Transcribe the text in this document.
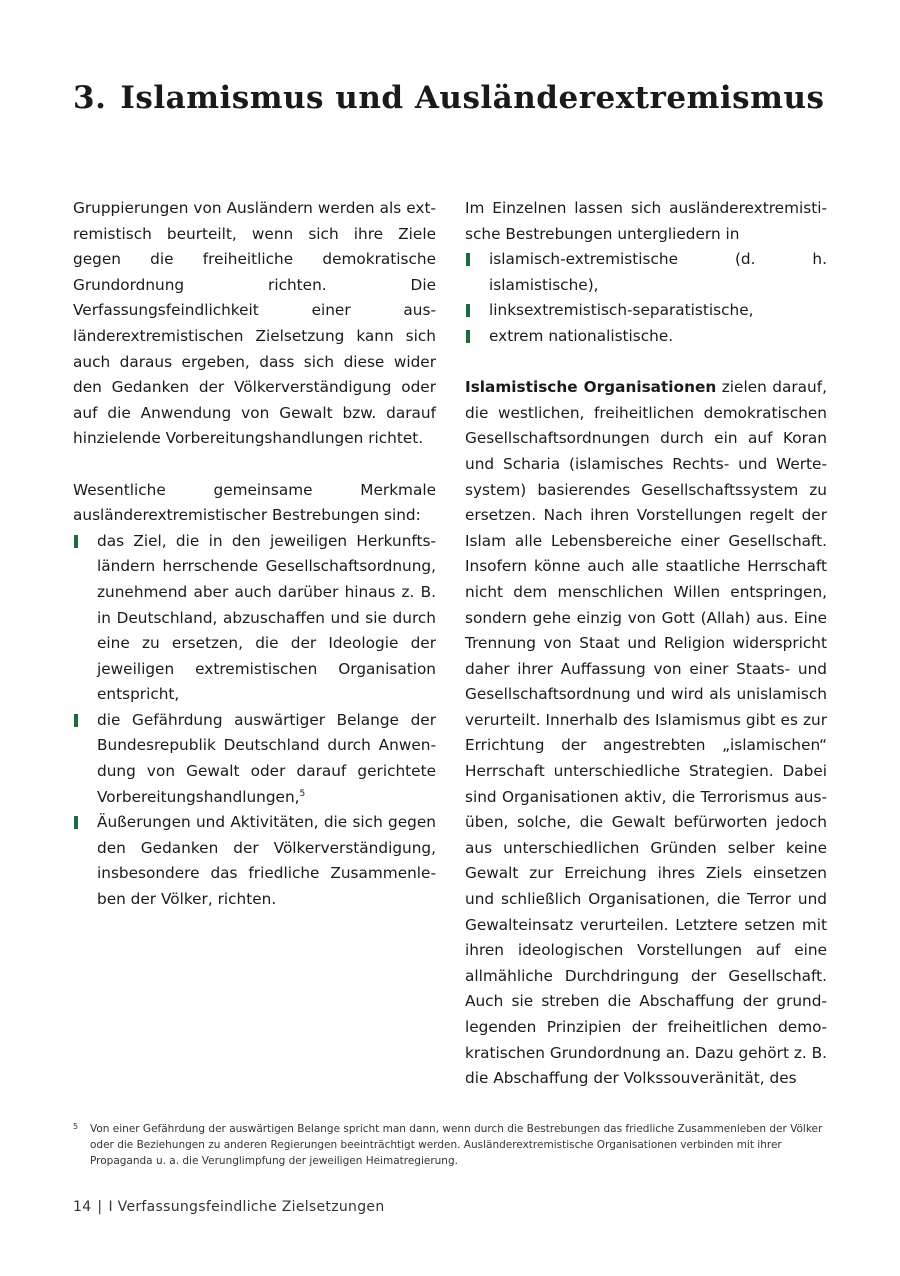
3. Islamismus und Ausländerextremismus

Gruppierungen von Ausländern werden als extremistisch beurteilt, wenn sich ihre Ziele gegen die freiheitliche demokratische Grundordnung richten. Die Verfassungsfeindlichkeit einer ausländerextremistischen Zielsetzung kann sich auch daraus ergeben, dass sich diese wider den Gedanken der Völkerverständigung oder auf die Anwendung von Gewalt bzw. darauf hinzielende Vorbereitungshandlungen richtet.

Wesentliche gemeinsame Merkmale ausländerextremistischer Bestrebungen sind:

das Ziel, die in den jeweiligen Herkunftsländern herrschende Gesellschaftsordnung, zunehmend aber auch darüber hinaus z. B. in Deutschland, abzuschaffen und sie durch eine zu ersetzen, die der Ideologie der jeweiligen extremistischen Organisation entspricht,
die Gefährdung auswärtiger Belange der Bundesrepublik Deutschland durch Anwendung von Gewalt oder darauf gerichtete Vorbereitungshandlungen,$^5$
Äußerungen und Aktivitäten, die sich gegen den Gedanken der Völkerverständigung, insbesondere das friedliche Zusammenleben der Völker, richten.

Im Einzelnen lassen sich ausländerextremistische Bestrebungen untergliedern in

islamisch-extremistische (d. h. islamistische),
linksextremistisch-separatistische,
extrem nationalistische.

Islamistische Organisationen zielen darauf, die westlichen, freiheitlichen demokratischen Gesellschaftsordnungen durch ein auf Koran und Scharia (islamisches Rechts- und Wertesystem) basierendes Gesellschaftssystem zu ersetzen. Nach ihren Vorstellungen regelt der Islam alle Lebensbereiche einer Gesellschaft. Insofern könne auch alle staatliche Herrschaft nicht dem menschlichen Willen entspringen, sondern gehe einzig von Gott (Allah) aus. Eine Trennung von Staat und Religion widerspricht daher ihrer Auffassung von einer Staats- und Gesellschaftsordnung und wird als unislamisch verurteilt. Innerhalb des Islamismus gibt es zur Errichtung der angestrebten „islamischen“ Herrschaft unterschiedliche Strategien. Dabei sind Organisationen aktiv, die Terrorismus ausüben, solche, die Gewalt befürworten jedoch aus unterschiedlichen Gründen selber keine Gewalt zur Erreichung ihres Ziels einsetzen und schließlich Organisationen, die Terror und Gewalteinsatz verurteilen. Letztere setzen mit ihren ideologischen Vorstellungen auf eine allmähliche Durchdringung der Gesellschaft. Auch sie streben die Abschaffung der grundlegenden Prinzipien der freiheitlichen demokratischen Grundordnung an. Dazu gehört z. B. die Abschaffung der Volkssouveränität, des

5	Von einer Gefährdung der auswärtigen Belange spricht man dann, wenn durch die Bestrebungen das friedliche Zusammenleben der Völker oder die Beziehungen zu anderen Regierungen beeinträchtigt werden. Ausländerextremistische Organisationen verbinden mit ihrer Propaganda u. a. die Verunglimpfung der jeweiligen Heimatregierung.
14 | I Verfassungsfeindliche Zielsetzungen
